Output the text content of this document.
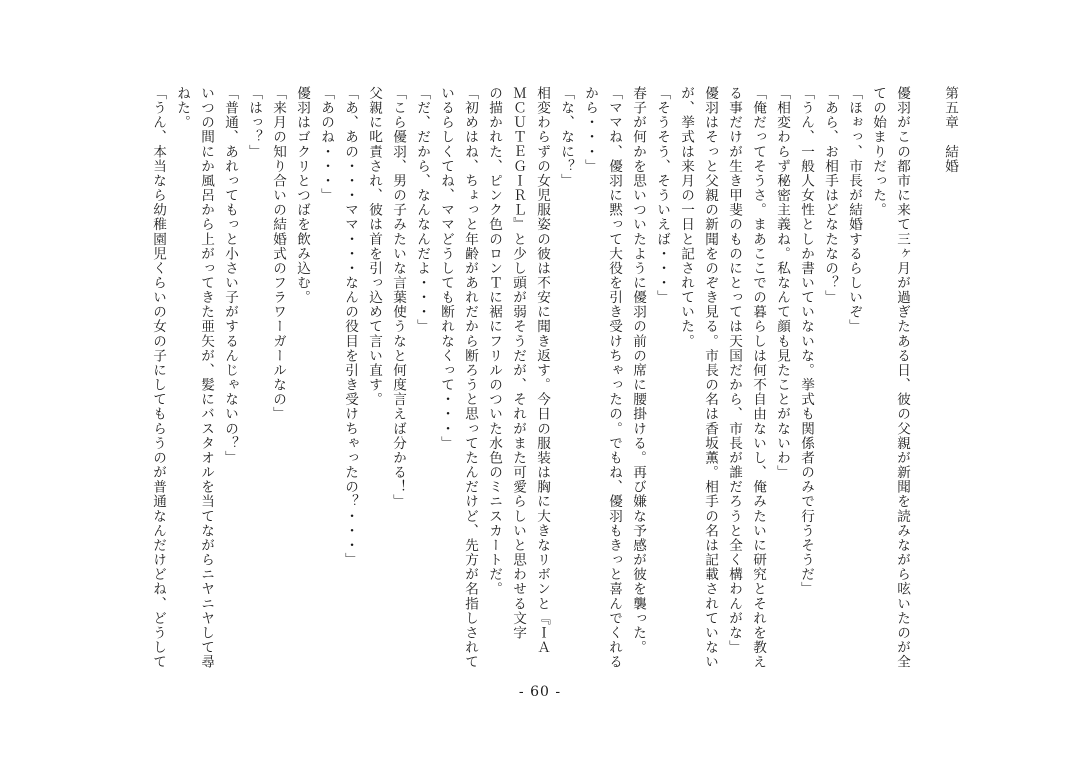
第五章　結婚
優羽がこの都市に来て三ヶ月が過ぎたある日、彼の父親が新聞を読みながら呟いたのが全
ての始まりだった。
「ほぉっ、市長が結婚するらしいぞ」
「あら、お相手はどなたなの？」
「うん、一般人女性としか書いていないな。挙式も関係者のみで行うそうだ」
「相変わらず秘密主義ね。私なんて顔も見たことがないわ」
「俺だってそうさ。まあここでの暮らしは何不自由ないし、俺みたいに研究とそれを教え
る事だけが生き甲斐のものにとっては天国だから、市長が誰だろうと全く構わんがな」
優羽はそっと父親の新聞をのぞき見る。市長の名は香坂薫。相手の名は記載されていない
が、挙式は来月の一日と記されていた。
「そうそう、そういえば・・・」
春子が何かを思いついたように優羽の前の席に腰掛ける。再び嫌な予感が彼を襲った。
「ママね、優羽に黙って大役を引き受けちゃったの。でもね、優羽もきっと喜んでくれる
から・・・」
「な、なに？」
相変わらずの女児服姿の彼は不安に聞き返す。今日の服装は胸に大きなリボンと『ＩＡ
ＭＣＵＴＥＧＩＲＬ』と少し頭が弱そうだが、それがまた可愛らしいと思わせる文字
の描かれた、ピンク色のロンＴに裾にフリルのついた水色のミニスカートだ。
「初めはね、ちょっと年齢があれだから断ろうと思ってたんだけど、先方が名指しされて
いるらしくてね、ママどうしても断れなくって・・・」
「だ、だから、なんなんだよ・・・」
「こら優羽、男の子みたいな言葉使うなと何度言えば分かる！」
父親に叱責され、彼は首を引っ込めて言い直す。
「あ、あの・・・ママ・・・なんの役目を引き受けちゃったの？・・・」
「あのね・・・」
優羽はゴクリとつばを飲み込む。
「来月の知り合いの結婚式のフラワーガールなの」
「はっ？」
「普通、あれってもっと小さい子がするんじゃないの？」
いつの間にか風呂から上がってきた亜矢が、髪にバスタオルを当てながらニヤニヤして尋
ねた。
「うん、本当なら幼稚園児くらいの女の子にしてもらうのが普通なんだけどね、どうして
- 60 -
